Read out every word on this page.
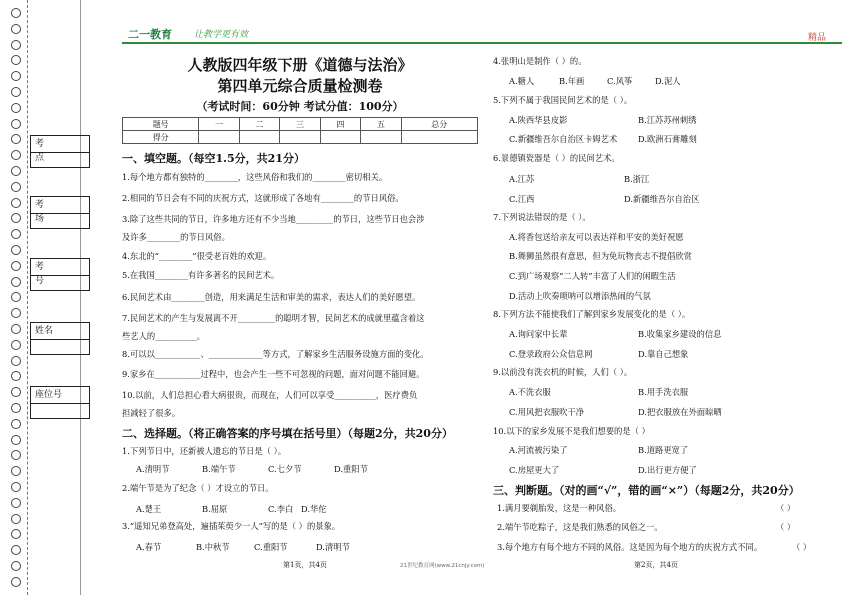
考 点
考 场
考 号
姓名
座位号
二一教育 让教学更有效	精品
人教版四年级下册《道德与法治》
第四单元综合质量检测卷
（考试时间：60分钟 考试分值：100分）
题号	一	二	三	四	五	总分
得分						
一、填空题。（每空1.5分，共21分）
1.每个地方都有独特的________，这些风俗和我们的________密切相关。
2.相同的节日会有不同的庆祝方式，这就形成了各地有________的节日风俗。
3.除了这些共同的节日，许多地方还有不少当地_________的节日，这些节日也会涉
及许多________的节日风俗。
4.东北的“________”很受老百姓的欢迎。
5.在我国________有许多著名的民间艺术。
6.民间艺术由________创造，用来满足生活和审美的需求，表达人们的美好愿望。
7.民间艺术的产生与发展离不开_________的聪明才智，民间艺术的成就里蕴含着这
些艺人的__________。
8.可以以___________、_____________等方式，了解家乡生活服务设施方面的变化。
9.家乡在___________过程中，也会产生一些不可忽视的问题，面对问题不能回避。
10.以前，人们总担心看大病很贵，而现在，人们可以享受__________，医疗费负
担减轻了很多。
二、选择题。（将正确答案的序号填在括号里）（每题2分，共20分）
1.下列节日中，还新被人遗忘的节日是（ ）。
A.清明节	B.端午节	C.七夕节	D.重阳节
2.端午节是为了纪念（ ）才设立的节日。
A.楚王	B.屈原	C.李白 D.华佗
3.“遥知兄弟登高处，遍插茱萸少一人”写的是（ ）的景象。
A.春节	B.中秋节	C.重阳节	D.清明节
4.张明山是制作（ ）的。
A.糖人	B.年画	C.风筝	D.泥人
5.下列不属于我国民间艺术的是（ ）。
A.陕西华县皮影	B.江苏苏州刺绣
C.新疆维吾尔自治区卡姆艺术 D.欧洲石膏雕刻
6.景德镇瓷器是（ ）的民间艺术。
A.江苏	B.浙江
C.江西	D.新疆维吾尔自治区
7.下列说法错误的是（ ）。
A.将香包送给亲友可以表达祥和平安的美好祝愿
B.舞狮虽然很有意思，但为免玩物丧志不提倡欣赏
C.到广场观察“二人转”丰富了人们的闲暇生活
D.活动上吹奏唢呐可以增添热闹的气氛
8.下列方法不能使我们了解到家乡发展变化的是（ ）。
A.询问家中长辈	B.收集家乡建设的信息
C.登录政府公众信息网	D.靠自己想象
9.以前没有洗衣机的时候，人们（ ）。
A.不洗衣服	B.用手洗衣服
C.用风把衣服吹干净	D.把衣服放在外面晾晒
10.以下的家乡发展不是我们想要的是（ ）
A.河流被污染了	B.道路更宽了
C.房屋更大了	D.出行更方便了
三、判断题。（对的画“√”，错的画“×”）（每题2分，共20分）
1.满月要剃胎发，这是一种风俗。	（ ）
2.端午节吃粽子，这是我们熟悉的风俗之一。	（ ）
3.每个地方有每个地方不同的风俗。这是因为每个地方的庆祝方式不同。	（ ）
第1页，共4页	21世纪教育网(www.21cnjy.com)	第2页，共4页
